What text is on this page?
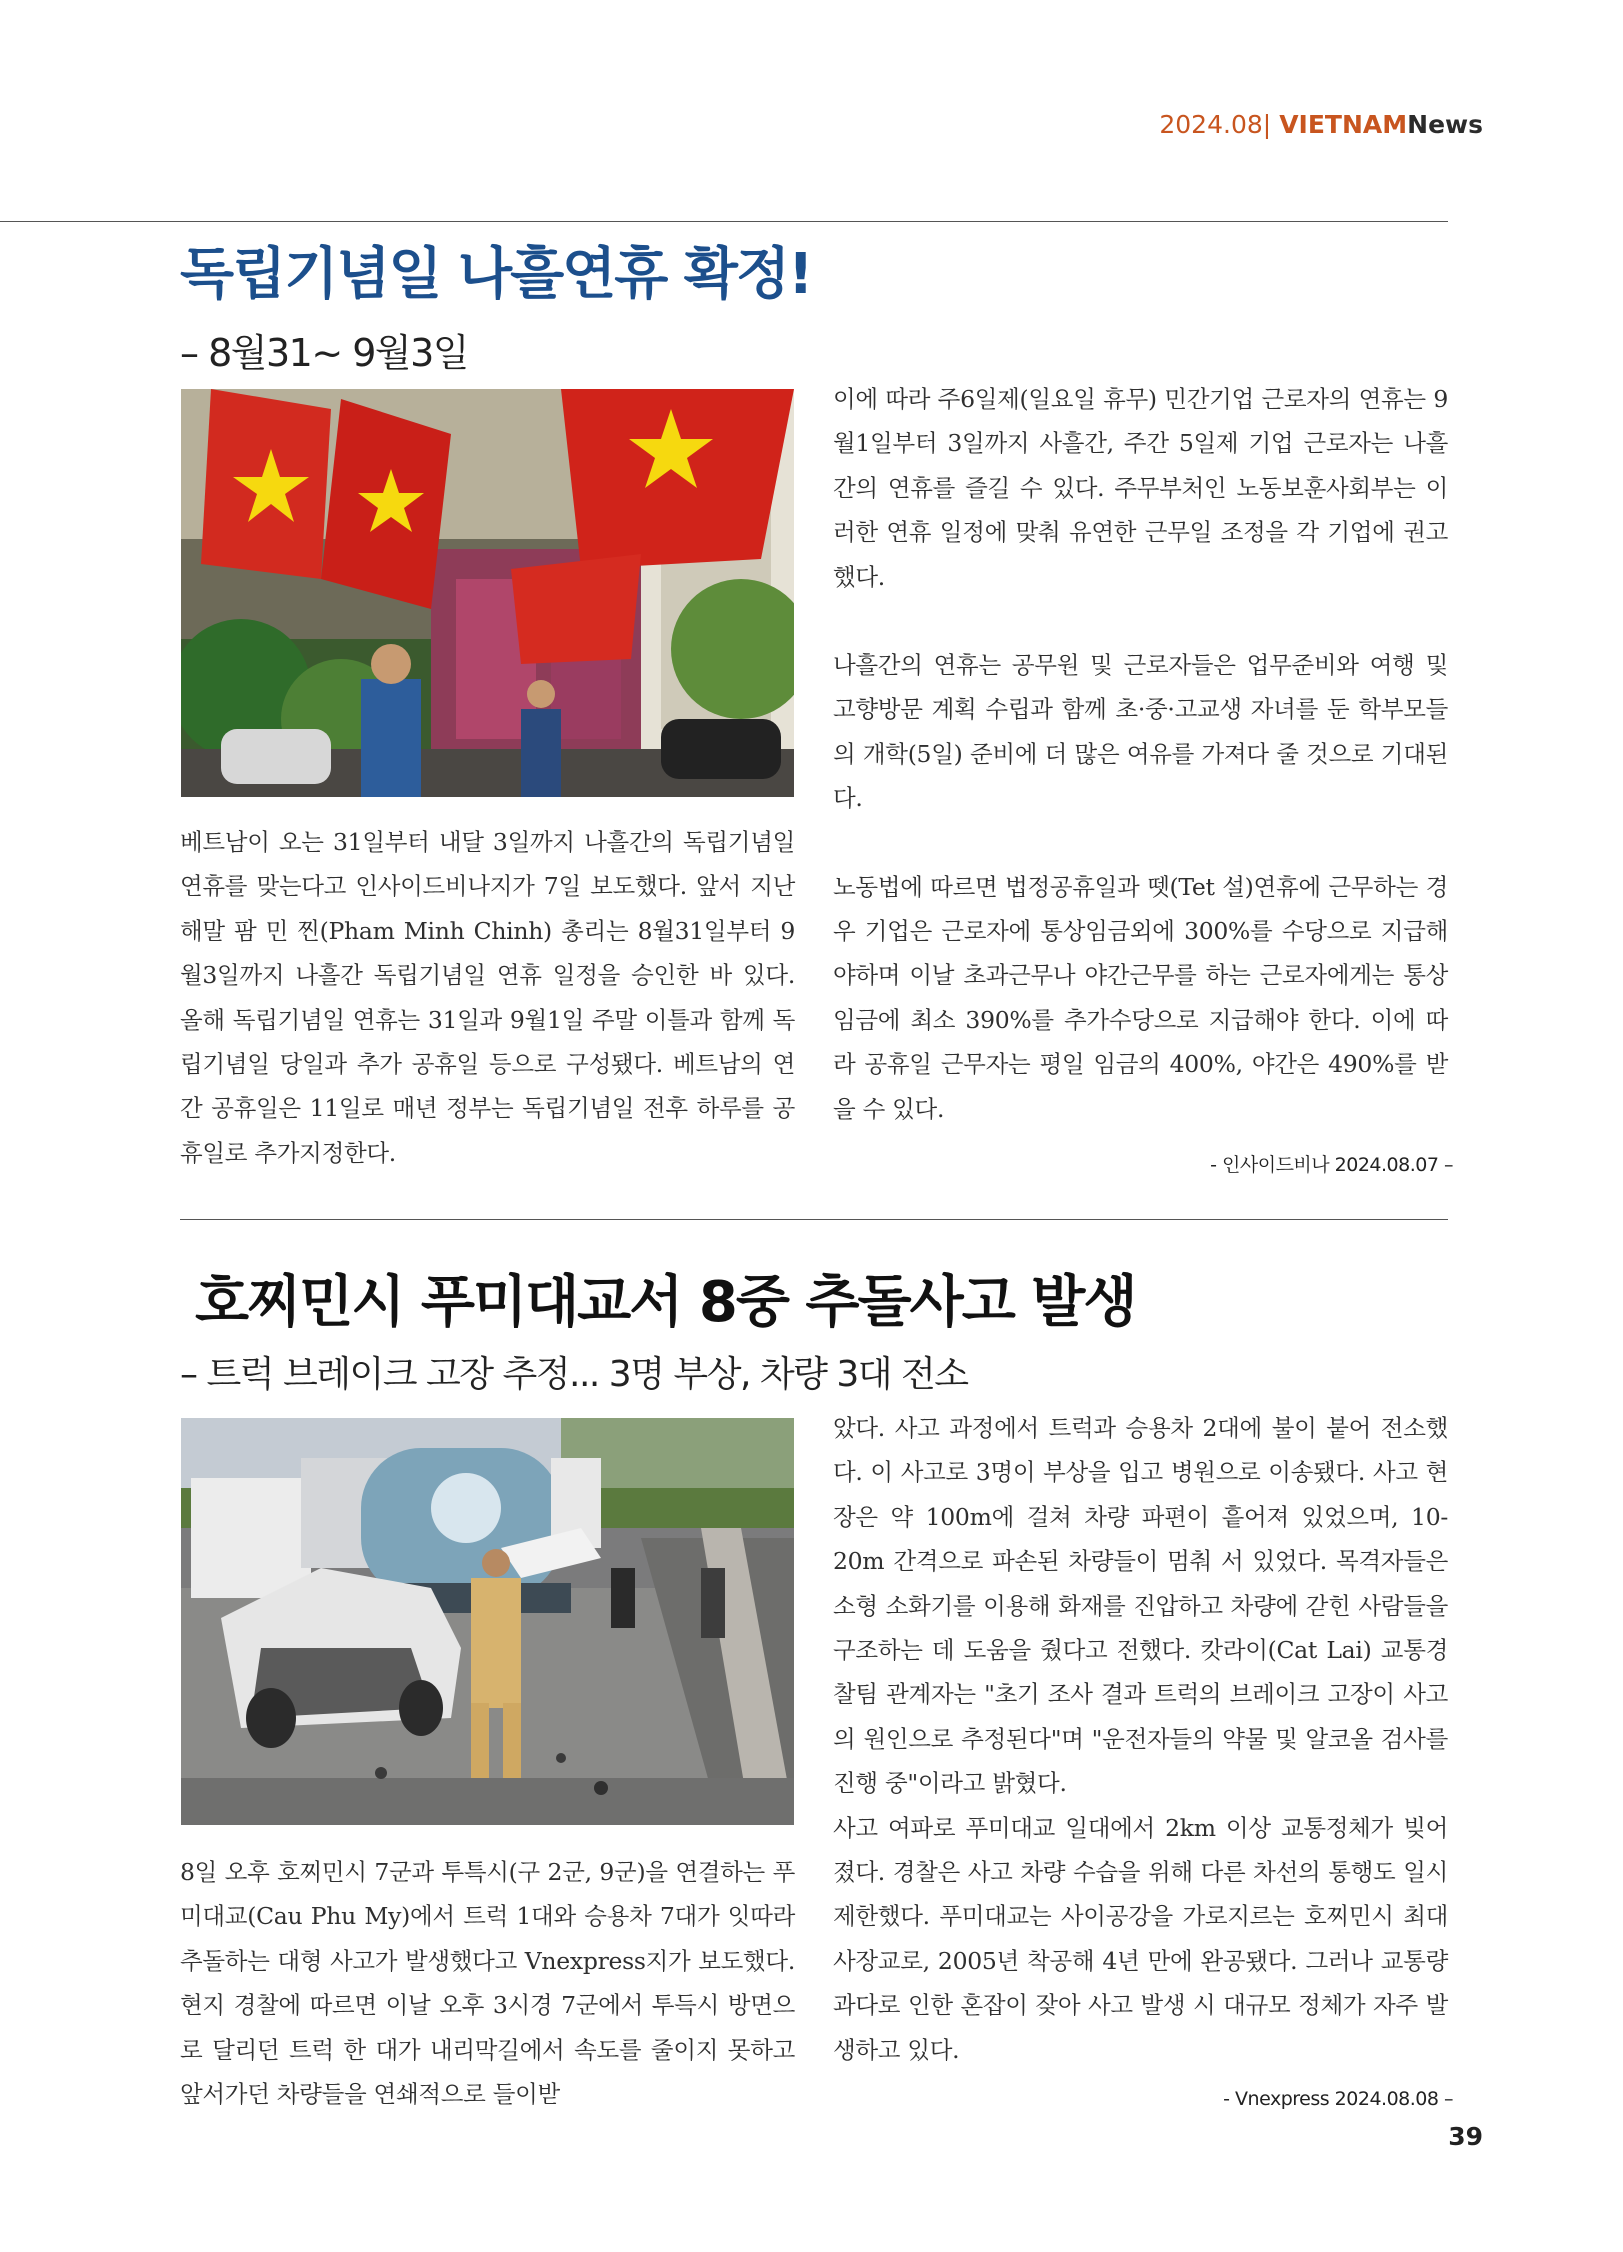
2024.08| VIETNAMNews
독립기념일 나흘연휴 확정!
– 8월31~ 9월3일

베트남이 오는 31일부터 내달 3일까지 나흘간의 독립기념일 연휴를 맞는다고 인사이드비나지가 7일 보도했다. 앞서 지난해말 팜 민 찐(Pham Minh Chinh) 총리는 8월31일부터 9월3일까지 나흘간 독립기념일 연휴 일정을 승인한 바 있다. 올해 독립기념일 연휴는 31일과 9월1일 주말 이틀과 함께 독립기념일 당일과 추가 공휴일 등으로 구성됐다. 베트남의 연간 공휴일은 11일로 매년 정부는 독립기념일 전후 하루를 공휴일로 추가지정한다.

이에 따라 주6일제(일요일 휴무) 민간기업 근로자의 연휴는 9월1일부터 3일까지 사흘간, 주간 5일제 기업 근로자는 나흘간의 연휴를 즐길 수 있다. 주무부처인 노동보훈사회부는 이러한 연휴 일정에 맞춰 유연한 근무일 조정을 각 기업에 권고했다.

나흘간의 연휴는 공무원 및 근로자들은 업무준비와 여행 및 고향방문 계획 수립과 함께 초·중·고교생 자녀를 둔 학부모들의 개학(5일) 준비에 더 많은 여유를 가져다 줄 것으로 기대된다.

노동법에 따르면 법정공휴일과 뗏(Tet 설)연휴에 근무하는 경우 기업은 근로자에 통상임금외에 300%를 수당으로 지급해야하며 이날 초과근무나 야간근무를 하는 근로자에게는 통상임금에 최소 390%를 추가수당으로 지급해야 한다. 이에 따라 공휴일 근무자는 평일 임금의 400%, 야간은 490%를 받을 수 있다.

- 인사이드비나 2024.08.07 –
호찌민시 푸미대교서 8중 추돌사고 발생
– 트럭 브레이크 고장 추정... 3명 부상, 차량 3대 전소

8일 오후 호찌민시 7군과 투특시(구 2군, 9군)을 연결하는 푸미대교(Cau Phu My)에서 트럭 1대와 승용차 7대가 잇따라 추돌하는 대형 사고가 발생했다고 Vnexpress지가 보도했다. 현지 경찰에 따르면 이날 오후 3시경 7군에서 투득시 방면으로 달리던 트럭 한 대가 내리막길에서 속도를 줄이지 못하고 앞서가던 차량들을 연쇄적으로 들이받

았다. 사고 과정에서 트럭과 승용차 2대에 불이 붙어 전소했다. 이 사고로 3명이 부상을 입고 병원으로 이송됐다. 사고 현장은 약 100m에 걸쳐 차량 파편이 흩어져 있었으며, 10-20m 간격으로 파손된 차량들이 멈춰 서 있었다. 목격자들은 소형 소화기를 이용해 화재를 진압하고 차량에 갇힌 사람들을 구조하는 데 도움을 줬다고 전했다. 캇라이(Cat Lai) 교통경찰팀 관계자는 "초기 조사 결과 트럭의 브레이크 고장이 사고의 원인으로 추정된다"며 "운전자들의 약물 및 알코올 검사를 진행 중"이라고 밝혔다.

사고 여파로 푸미대교 일대에서 2km 이상 교통정체가 빚어졌다. 경찰은 사고 차량 수습을 위해 다른 차선의 통행도 일시 제한했다. 푸미대교는 사이공강을 가로지르는 호찌민시 최대 사장교로, 2005년 착공해 4년 만에 완공됐다. 그러나 교통량 과다로 인한 혼잡이 잦아 사고 발생 시 대규모 정체가 자주 발생하고 있다.

- Vnexpress 2024.08.08 –
39
